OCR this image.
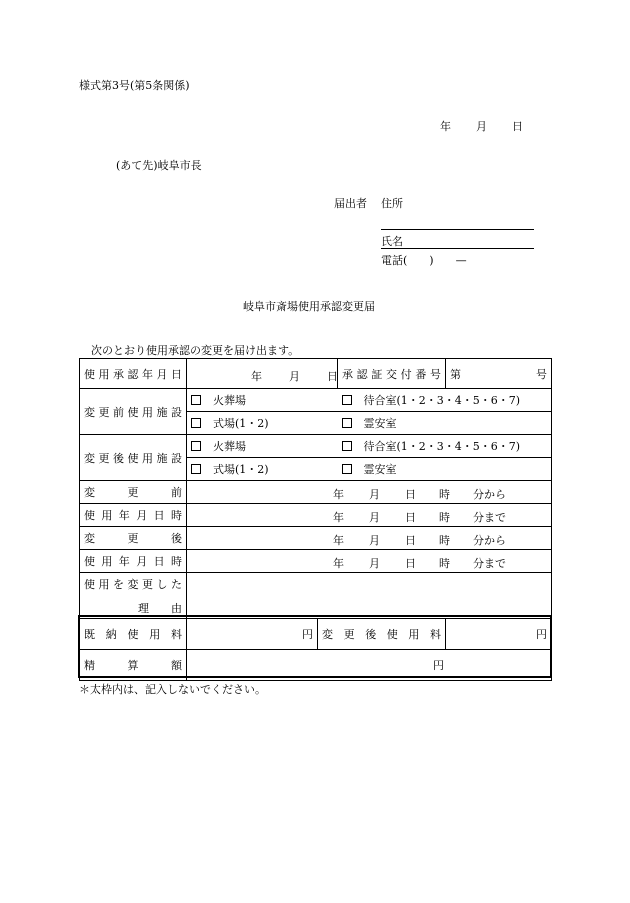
様式第3号(第5条関係)
年 月 日
(あて先)岐阜市長
届出者 住所
氏名
電話(　　)　　—
岐阜市斎場使用承認変更届
次のとおり使用承認の変更を届け出ます。
使用承認年月日	年 月 日		承認証交付番号	第 号

変更前使用施設	火葬場		待合室(1・2・3・4・5・6・7)	
	式場(1・2)		霊安室	

変更後使用施設	火葬場		待合室(1・2・3・4・5・6・7)	
	式場(1・2)		霊安室	

変　　更　　前	年 月 日 時 分から			

使用年月日時	年 月 日 時 分まで			

変　　更　　後	年 月 日 時 分から			

使用年月日時	年 月 日 時 分まで			

使用を変更した
理　　由				

既納使用料	円	変更後使用料		円

精　　算　　額	円			
＊太枠内は、記入しないでください。
